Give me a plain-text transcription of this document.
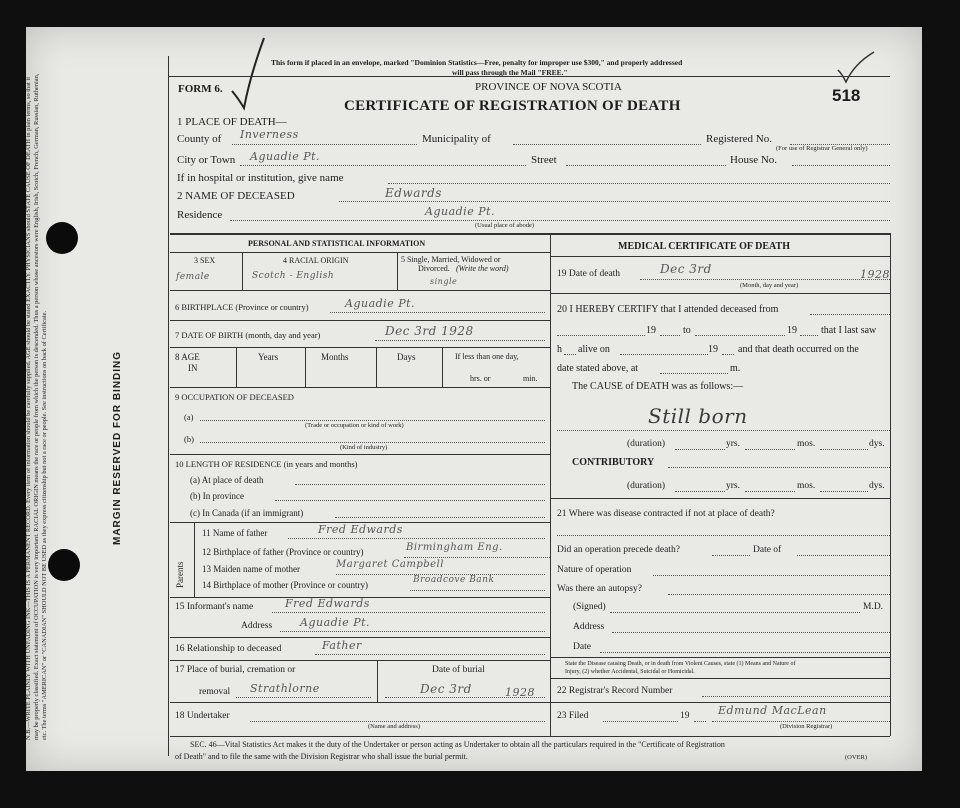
N.B.—WRITE PLAINLY WITH UNFADING INK—THIS IS A PERMANENT RECORD. Every item of information should be carefully supplied. AGE should be stated EXACTLY. PHYSICIANS should STATE CAUSE OF DEATH in plain terms, so that it may be properly classified. Exact statement of OCCUPATION is very important. RACIAL ORIGIN means the race or people from which the person is descended. Thus a person whose ancestors were English, Irish, Scotch, French, German, Russian, Ruthenian, etc. The terms "AMERICAN" or "CANADIAN" SHOULD NOT BE USED as they express citizenship but not a race or people. See instructions on back of Certificate.	MARGIN RESERVED FOR BINDING
This form if placed in an envelope, marked "Dominion Statistics—Free, penalty for improper use $300," and properly addressed
will pass through the Mail "FREE."
FORM 6.	PROVINCE OF NOVA SCOTIA
CERTIFICATE OF REGISTRATION OF DEATH
518
1 PLACE OF DEATH—
County of Inverness	Municipality of	Registered No.
(For use of Registrar General only)
City or Town Aguadie Pt.	Street	House No.
If in hospital or institution, give name
2 NAME OF DECEASED	Edwards
Residence	Aguadie Pt.
(Usual place of abode)
PERSONAL AND STATISTICAL INFORMATION
3 SEX
female
4 RACIAL ORIGIN
Scotch - English
5 Single, Married, Widowed or
Divorced. (Write the word)
single
6 BIRTHPLACE (Province or country)	Aguadie Pt.
7 DATE OF BIRTH (month, day and year)	Dec 3rd 1928
8 AGE
IN
Years	Months	Days	If less than one day,
hrs. or	min.
9 OCCUPATION OF DECEASED
(a)
(Trade or occupation or kind of work)
(b)
(Kind of industry)
10 LENGTH OF RESIDENCE (in years and months)
(a) At place of death
(b) In province
(c) In Canada (if an immigrant)
Parents
11 Name of father	Fred Edwards
12 Birthplace of father (Province or country)	Birmingham Eng.
13 Maiden name of mother	Margaret Campbell
14 Birthplace of mother (Province or country)	Broadcove Bank
15 Informant's name	Fred Edwards
Address	Aguadie Pt.
16 Relationship to deceased	Father
17 Place of burial, cremation or
removal Strathlorne
Date of burial
Dec 3rd	1928
18 Undertaker
(Name and address)
MEDICAL CERTIFICATE OF DEATH
19 Date of death	Dec 3rd	1928
(Month, day and year)
20 I HEREBY CERTIFY that I attended deceased from
19	to	19 that I last saw
h alive on	19 and that death occurred on the
date stated above, at	m.
The CAUSE of DEATH was as follows:—
Still born
(duration)	yrs.	mos.	dys.
CONTRIBUTORY
(duration)	yrs.	mos.	dys.
21 Where was disease contracted if not at place of death?
Did an operation precede death?	Date of
Nature of operation
Was there an autopsy?
(Signed)	M.D.
Address
Date
State the Disease causing Death, or in death from Violent Causes, state (1) Means and Nature of
Injury, (2) whether Accidental, Suicidal or Homicidal.
22 Registrar's Record Number
23 Filed	19	Edmund MacLean
(Division Registrar)
SEC. 46—Vital Statistics Act makes it the duty of the Undertaker or person acting as Undertaker to obtain all the particulars required in the "Certificate of Registration
of Death" and to file the same with the Division Registrar who shall issue the burial permit.	(OVER)
